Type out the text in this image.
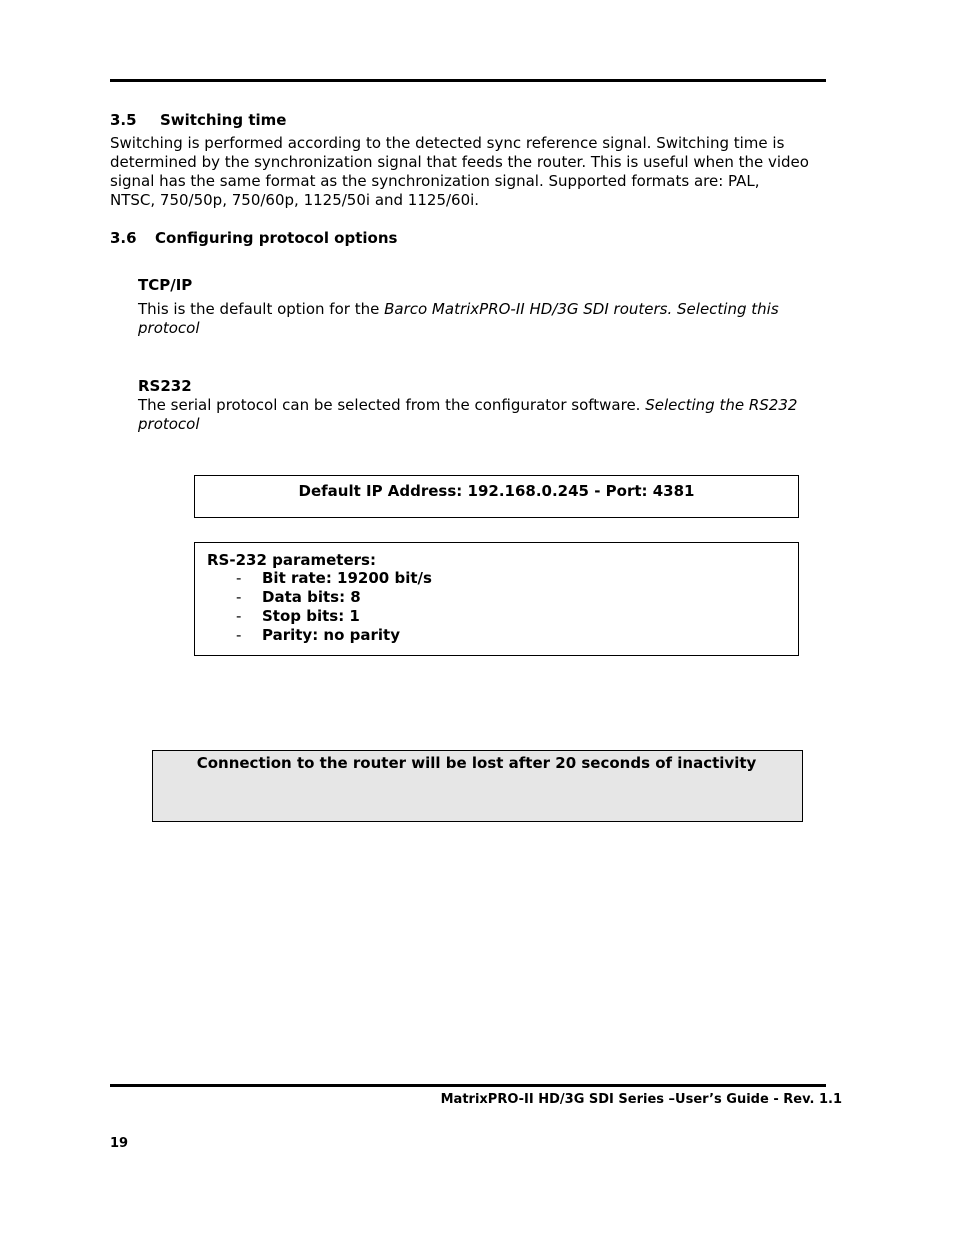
3.5 Switching time
Switching is performed according to the detected sync reference signal. Switching time is
determined by the synchronization signal that feeds the router. This is useful when the video
signal has the same format as the synchronization signal. Supported formats are: PAL,
NTSC, 750/50p, 750/60p, 1125/50i and 1125/60i.
3.6 Configuring protocol options
TCP/IP
This is the default option for the Barco MatrixPRO-II HD/3G SDI routers. Selecting this
protocol
RS232
The serial protocol can be selected from the configurator software. Selecting the RS232
protocol
Default IP Address: 192.168.0.245 - Port: 4381
RS-232 parameters:
- Bit rate: 19200 bit/s
- Data bits: 8
- Stop bits: 1
- Parity: no parity
Connection to the router will be lost after 20 seconds of inactivity
MatrixPRO-II HD/3G SDI Series –User’s Guide - Rev. 1.1
19
